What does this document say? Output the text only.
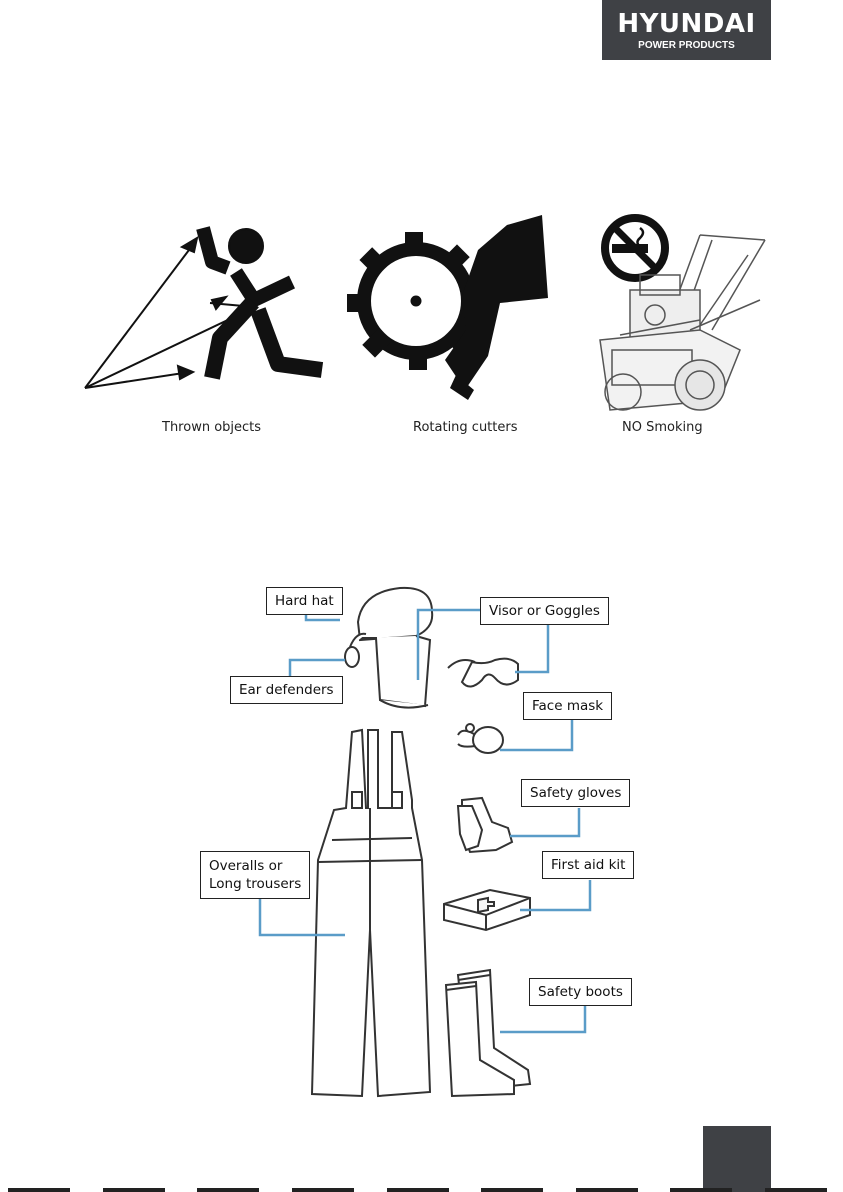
HYUNDAI
POWER PRODUCTS
Thrown objects	Rotating cutters	NO Smoking
Hard hat
Visor or Goggles
Ear defenders
Face mask
Safety gloves
First aid kit
Overalls or
Long trousers
Safety boots
